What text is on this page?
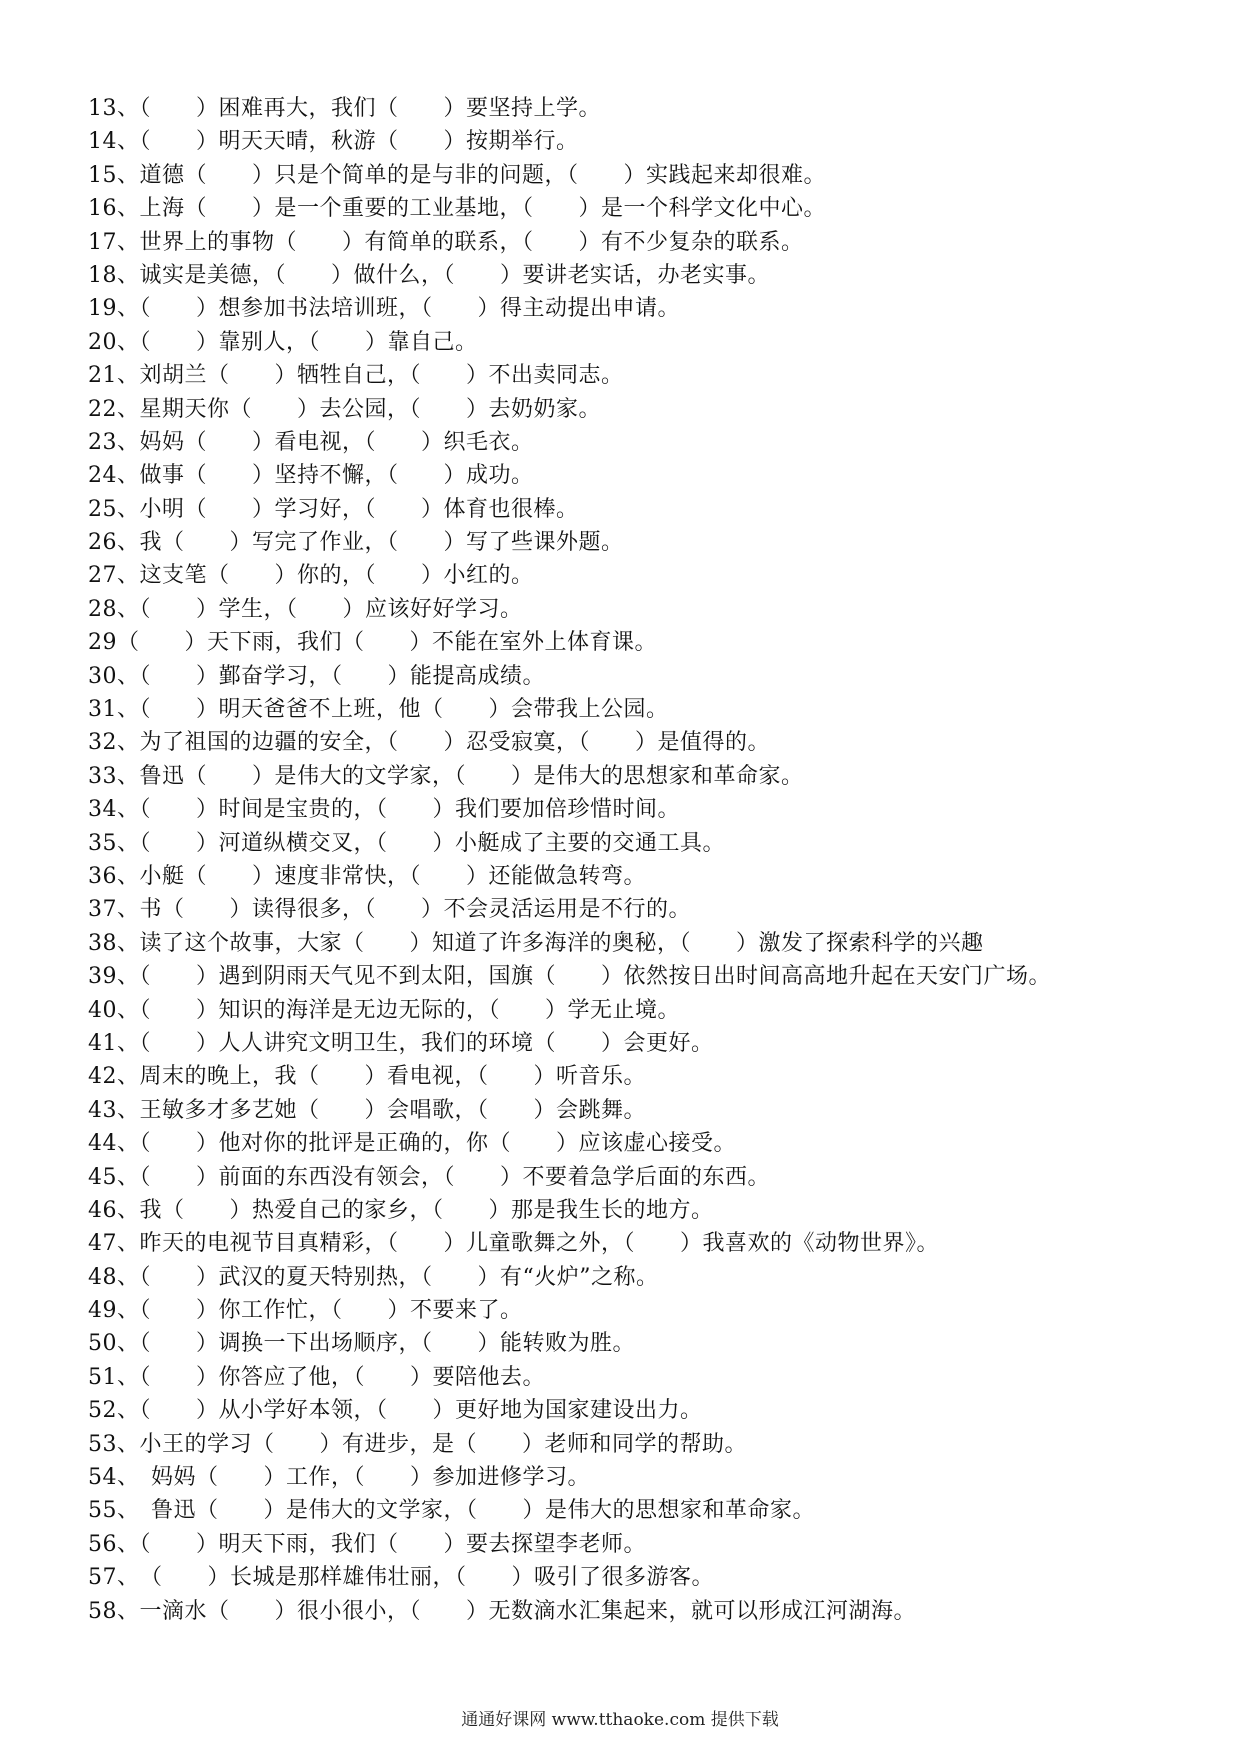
13、（　　）困难再大，我们（　　）要坚持上学。
14、（　　）明天天晴，秋游（　　）按期举行。
15、道德（　　）只是个简单的是与非的问题，（　　）实践起来却很难。
16、上海（　　）是一个重要的工业基地，（　　）是一个科学文化中心。
17、世界上的事物（　　）有简单的联系，（　　）有不少复杂的联系。
18、诚实是美德，（　　）做什么，（　　）要讲老实话，办老实事。
19、（　　）想参加书法培训班，（　　）得主动提出申请。
20、（　　）靠别人，（　　）靠自己。
21、刘胡兰（　　）牺牲自己，（　　）不出卖同志。
22、星期天你（　　）去公园，（　　）去奶奶家。
23、妈妈（　　）看电视，（　　）织毛衣。
24、做事（　　）坚持不懈，（　　）成功。
25、小明（　　）学习好，（　　）体育也很棒。
26、我（　　）写完了作业，（　　）写了些课外题。
27、这支笔（　　）你的，（　　）小红的。
28、（　　）学生，（　　）应该好好学习。
29（　　）天下雨，我们（　　）不能在室外上体育课。
30、（　　）鄞奋学习，（　　）能提高成绩。
31、（　　）明天爸爸不上班，他（　　）会带我上公园。
32、为了祖国的边疆的安全，（　　）忍受寂寞，（　　）是值得的。
33、鲁迅（　　）是伟大的文学家，（　　）是伟大的思想家和革命家。
34、（　　）时间是宝贵的，（　　）我们要加倍珍惜时间。
35、（　　）河道纵横交叉，（　　）小艇成了主要的交通工具。
36、小艇（　　）速度非常快，（　　）还能做急转弯。
37、书（　　）读得很多，（　　）不会灵活运用是不行的。
38、读了这个故事，大家（　　）知道了许多海洋的奥秘，（　　）激发了探索科学的兴趣
39、（　　）遇到阴雨天气见不到太阳，国旗（　　）依然按日出时间高高地升起在天安门广场。
40、（　　）知识的海洋是无边无际的，（　　）学无止境。
41、（　　）人人讲究文明卫生，我们的环境（　　）会更好。
42、周末的晚上，我（　　）看电视，（　　）听音乐。
43、王敏多才多艺她（　　）会唱歌，（　　）会跳舞。
44、（　　）他对你的批评是正确的，你（　　）应该虚心接受。
45、（　　）前面的东西没有领会，（　　）不要着急学后面的东西。
46、我（　　）热爱自己的家乡，（　　）那是我生长的地方。
47、昨天的电视节目真精彩，（　　）儿童歌舞之外，（　　）我喜欢的《动物世界》。
48、（　　）武汉的夏天特别热，（　　）有“火炉”之称。
49、（　　）你工作忙，（　　）不要来了。
50、（　　）调换一下出场顺序，（　　）能转败为胜。
51、（　　）你答应了他，（　　）要陪他去。
52、（　　）从小学好本领，（　　）更好地为国家建设出力。
53、小王的学习（　　）有进步，是（　　）老师和同学的帮助。
54、　妈妈（　　）工作，（　　）参加进修学习。
55、　鲁迅（　　）是伟大的文学家，（　　）是伟大的思想家和革命家。
56、（　　）明天下雨，我们（　　）要去探望李老师。
57、　（　　）长城是那样雄伟壮丽，（　　）吸引了很多游客。
58、一滴水（　　）很小很小，（　　）无数滴水汇集起来，就可以形成江河湖海。
通通好课网 www.tthaoke.com 提供下载
